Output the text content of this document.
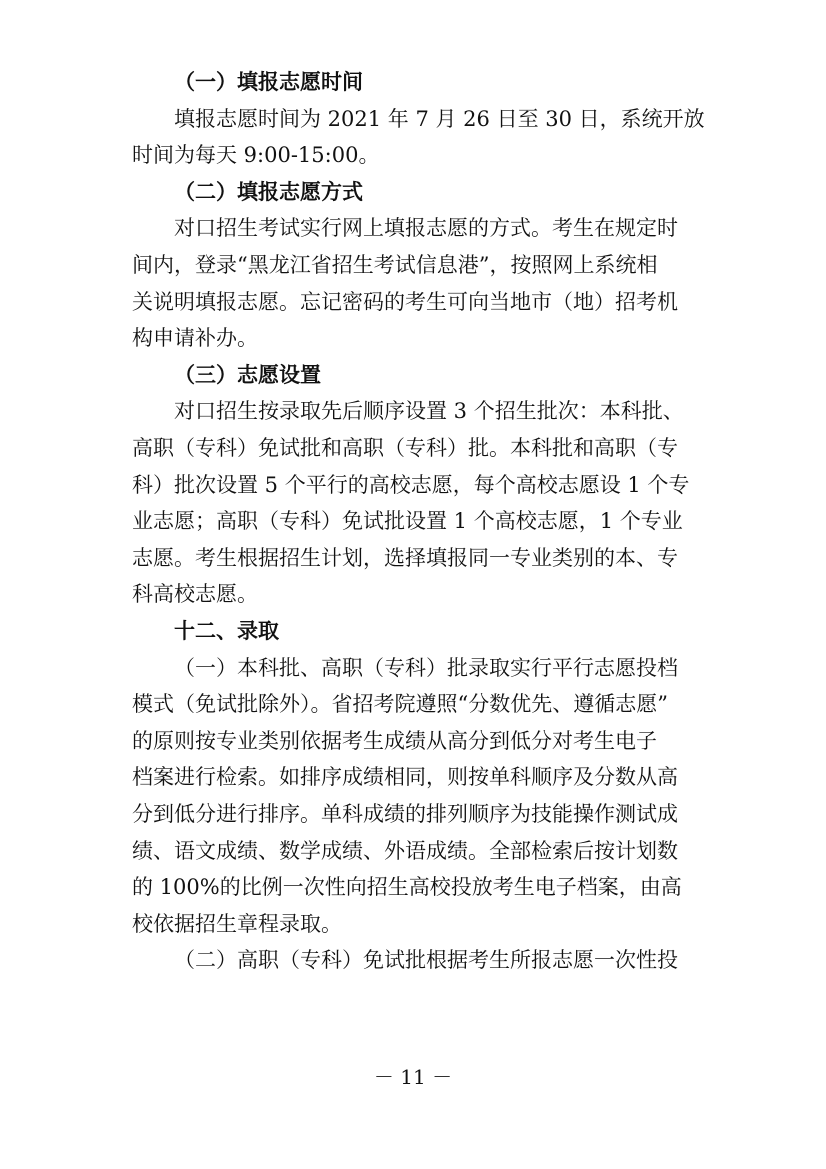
（一）填报志愿时间
填报志愿时间为 2021 年 7 月 26 日至 30 日，系统开放
时间为每天 9:00-15:00。
（二）填报志愿方式
对口招生考试实行网上填报志愿的方式。考生在规定时
间内，登录“黑龙江省招生考试信息港”，按照网上系统相
关说明填报志愿。忘记密码的考生可向当地市（地）招考机
构申请补办。
（三）志愿设置
对口招生按录取先后顺序设置 3 个招生批次：本科批、
高职（专科）免试批和高职（专科）批。本科批和高职（专
科）批次设置 5 个平行的高校志愿，每个高校志愿设 1 个专
业志愿；高职（专科）免试批设置 1 个高校志愿，1 个专业
志愿。考生根据招生计划，选择填报同一专业类别的本、专
科高校志愿。
十二、录取
（一）本科批、高职（专科）批录取实行平行志愿投档
模式（免试批除外）。省招考院遵照“分数优先、遵循志愿”
的原则按专业类别依据考生成绩从高分到低分对考生电子
档案进行检索。如排序成绩相同，则按单科顺序及分数从高
分到低分进行排序。单科成绩的排列顺序为技能操作测试成
绩、语文成绩、数学成绩、外语成绩。全部检索后按计划数
的 100%的比例一次性向招生高校投放考生电子档案，由高
校依据招生章程录取。
（二）高职（专科）免试批根据考生所报志愿一次性投
－ 11 －
